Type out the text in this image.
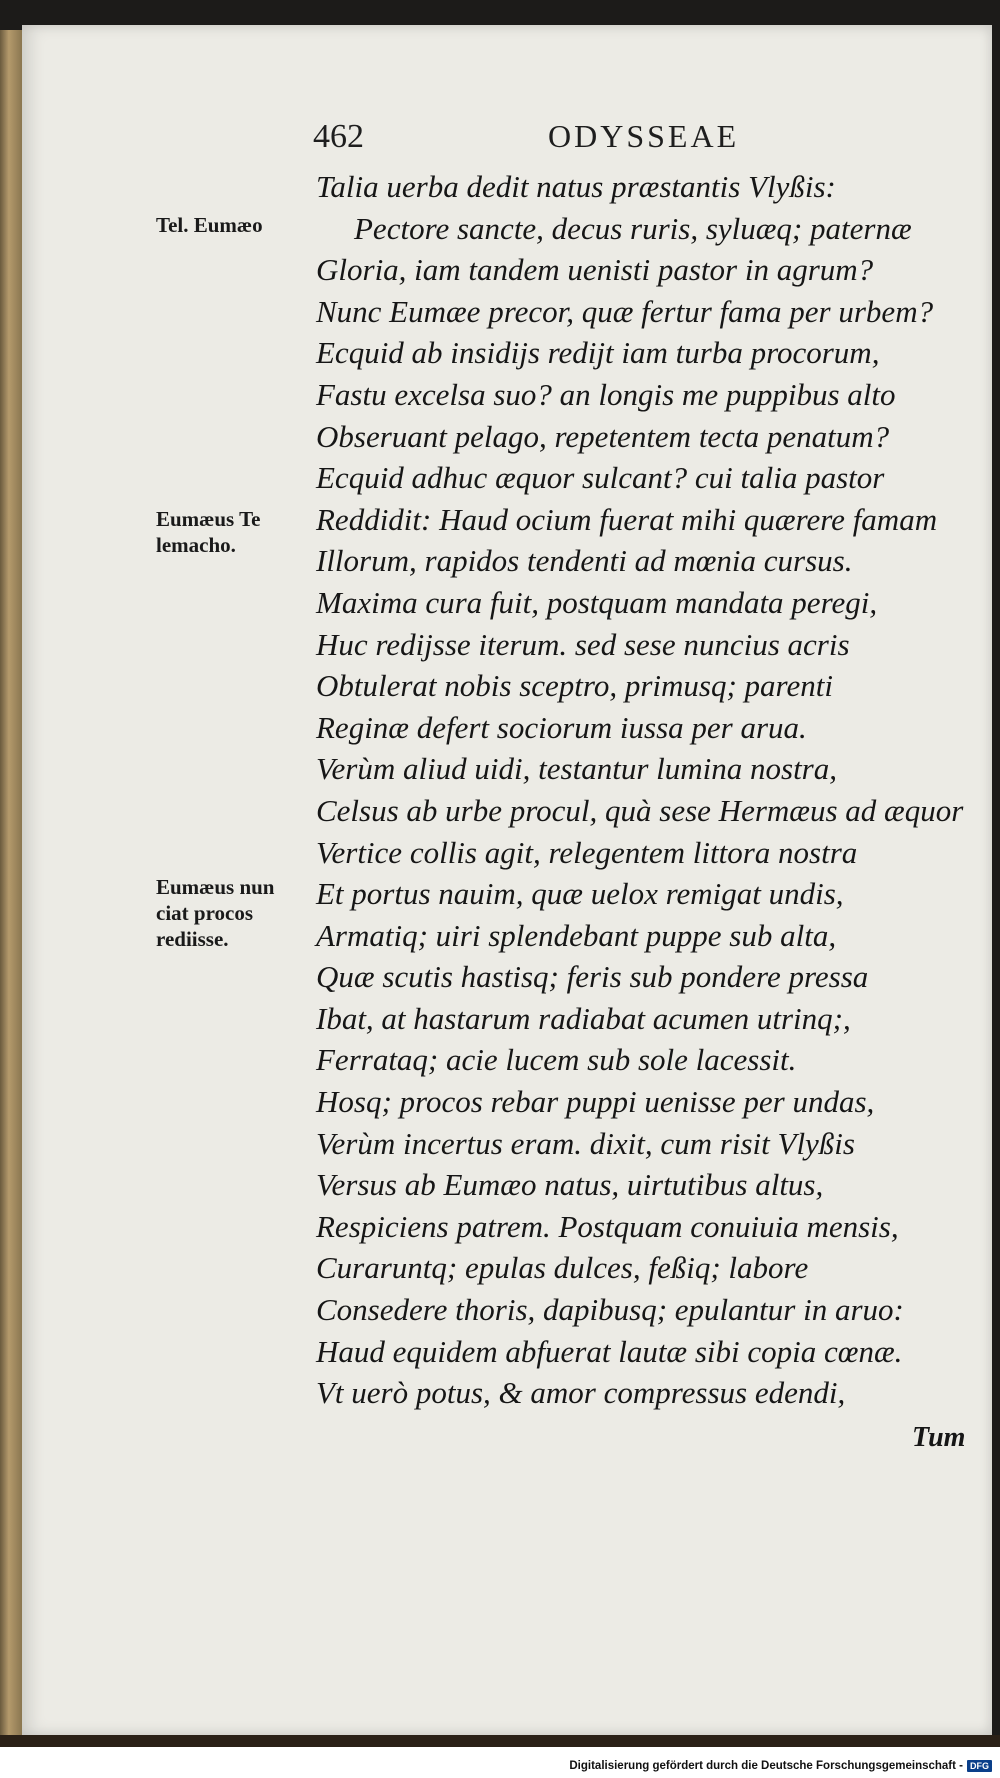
462	ODYSSEAE
Talia uerba dedit natus præstantis Vlyßis:
Pectore sancte, decus ruris, syluæq; paternæ
Gloria, iam tandem uenisti pastor in agrum?
Nunc Eumæe precor, quæ fertur fama per urbem?
Ecquid ab insidijs redijt iam turba procorum,
Fastu excelsa suo? an longis me puppibus alto
Obseruant pelago, repetentem tecta penatum?
Ecquid adhuc æquor sulcant? cui talia pastor
Reddidit: Haud ocium fuerat mihi quærere famam
Illorum, rapidos tendenti ad mœnia cursus.
Maxima cura fuit, postquam mandata peregi,
Huc redijsse iterum. sed sese nuncius acris
Obtulerat nobis sceptro, primusq; parenti
Reginæ defert sociorum iussa per arua.
Verùm aliud uidi, testantur lumina nostra,
Celsus ab urbe procul, quà sese Hermæus ad æquor
Vertice collis agit, relegentem littora nostra
Et portus nauim, quæ uelox remigat undis,
Armatiq; uiri splendebant puppe sub alta,
Quæ scutis hastisq; feris sub pondere pressa
Ibat, at hastarum radiabat acumen utrinq;,
Ferrataq; acie lucem sub sole lacessit.
Hosq; procos rebar puppi uenisse per undas,
Verùm incertus eram. dixit, cum risit Vlyßis
Versus ab Eumæo natus, uirtutibus altus,
Respiciens patrem. Postquam conuiuia mensis,
Curaruntq; epulas dulces, feßiq; labore
Consedere thoris, dapibusq; epulantur in aruo:
Haud equidem abfuerat lautæ sibi copia cœnæ.
Vt uerò potus, & amor compressus edendi,
Tum
Tel. Eumæo
Eumæus Te
lemacho.
Eumæus nun
ciat procos
rediisse.
Digitalisierung gefördert durch die Deutsche Forschungsgemeinschaft - DFG
